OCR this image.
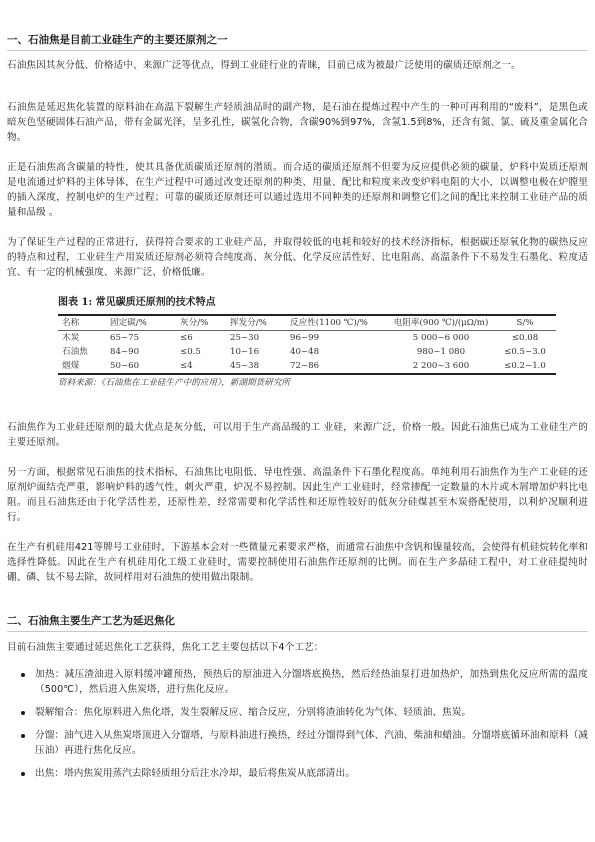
一、石油焦是目前工业硅生产的主要还原剂之一

石油焦因其灰分低、价格适中、来源广泛等优点，得到工业硅行业的青睐，目前已成为被最广泛使用的碳质还原剂之一。

石油焦是延迟焦化装置的原料油在高温下裂解生产轻质油品时的副产物，是石油在提炼过程中产生的一种可再利用的“废料”，是黑色或暗灰色坚硬固体石油产品，带有金属光泽，呈多孔性，碳氢化合物，含碳90%到97%，含氢1.5到8%，还含有氮、氯、硫及重金属化合物。

正是石油焦高含碳量的特性，使其具备优质碳质还原剂的潜质。而合适的碳质还原剂不但要为反应提供必须的碳量，炉料中炭质还原剂是电流通过炉料的主体导体，在生产过程中可通过改变还原剂的种类、用量、配比和粒度来改变炉料电阻的大小，以调整电极在炉膛里的插入深度，控制电炉的生产过程；可靠的碳质还原剂还可以通过选用不同种类的还原剂和调整它们之间的配比来控制工业硅产品的质量和品级 。

为了保证生产过程的正常进行，获得符合要求的工业硅产品，并取得较低的电耗和较好的技术经济指标，根据碳还原氧化物的碳热反应的特点和过程，工业硅生产用炭质还原剂必须符合纯度高、灰分低、化学反应活性好、比电阻高、高温条件下不易发生石墨化、粒度适宜、有一定的机械强度、来源广泛、价格低廉。

图表 1: 常见碳质还原剂的技术特点
名称	固定碳/%	灰分/%	挥发分/%	反应性(1100 ℃)/%	电阻率(900 ℃)/(μΩ/m)	S/%
木炭	65~75	≤6	25~30	96~99	5 000~6 000	≤0.08
石油焦	84~90	≤0.5	10~16	40~48	980~1 080	≤0.5~3.0
烟煤	50~60	≤4	45~38	72~86	2 200~3 600	≤0.2~1.0
资料来源：《石油焦在工业硅生产中的应用》，新湖期货研究所

石油焦作为工业硅还原剂的最大优点是灰分低，可以用于生产高品级的工 业硅，来源广泛，价格一般。因此石油焦已成为工业硅生产的主要还原剂。

另一方面，根据常见石油焦的技术指标，石油焦比电阻低、导电性强、高温条件下石墨化程度高。单纯利用石油焦作为生产工业硅的还原剂炉面结壳严重，影响炉料的透气性，刺火严重，炉况不易控制。因此生产工业硅时，经常掺配一定数量的木片或木屑增加炉料比电阻。而且石油焦还由于化学活性差，还原性差，经常需要和化学活性和还原性较好的低灰分硅煤甚至木炭搭配使用，以利炉况顺利进行。

在生产有机硅用421等牌号工业硅时，下游基本会对一些微量元素要求严格，而通常石油焦中含钒和镍量较高，会使得有机硅烷转化率和选择性降低。因此在生产有机硅用化工级工业硅时，需要控制使用石油焦作还原剂的比例。而在生产多晶硅工程中，对工业硅提纯时硼、磷、钛不易去除，故同样用对石油焦的使用做出限制。

二、石油焦主要生产工艺为延迟焦化

目前石油焦主要通过延迟焦化工艺获得，焦化工艺主要包括以下4个工艺：

加热：减压渣油进入原料缓冲罐预热，预热后的原油进入分馏塔底换热，然后经热油泵打进加热炉，加热到焦化反应所需的温度（500℃），然后进入焦炭塔，进行焦化反应。

裂解缩合：焦化原料进入焦化塔，发生裂解反应、缩合反应，分别将渣油转化为气体、轻质油、焦炭。

分馏：油气进入从焦炭塔顶进入分馏塔，与原料油进行换热，经过分馏得到气体、汽油、柴油和蜡油。分馏塔底循环油和原料（减压油）再进行焦化反应。

出焦：塔内焦炭用蒸汽去除轻质组分后注水冷却，最后将焦炭从底部清出。
